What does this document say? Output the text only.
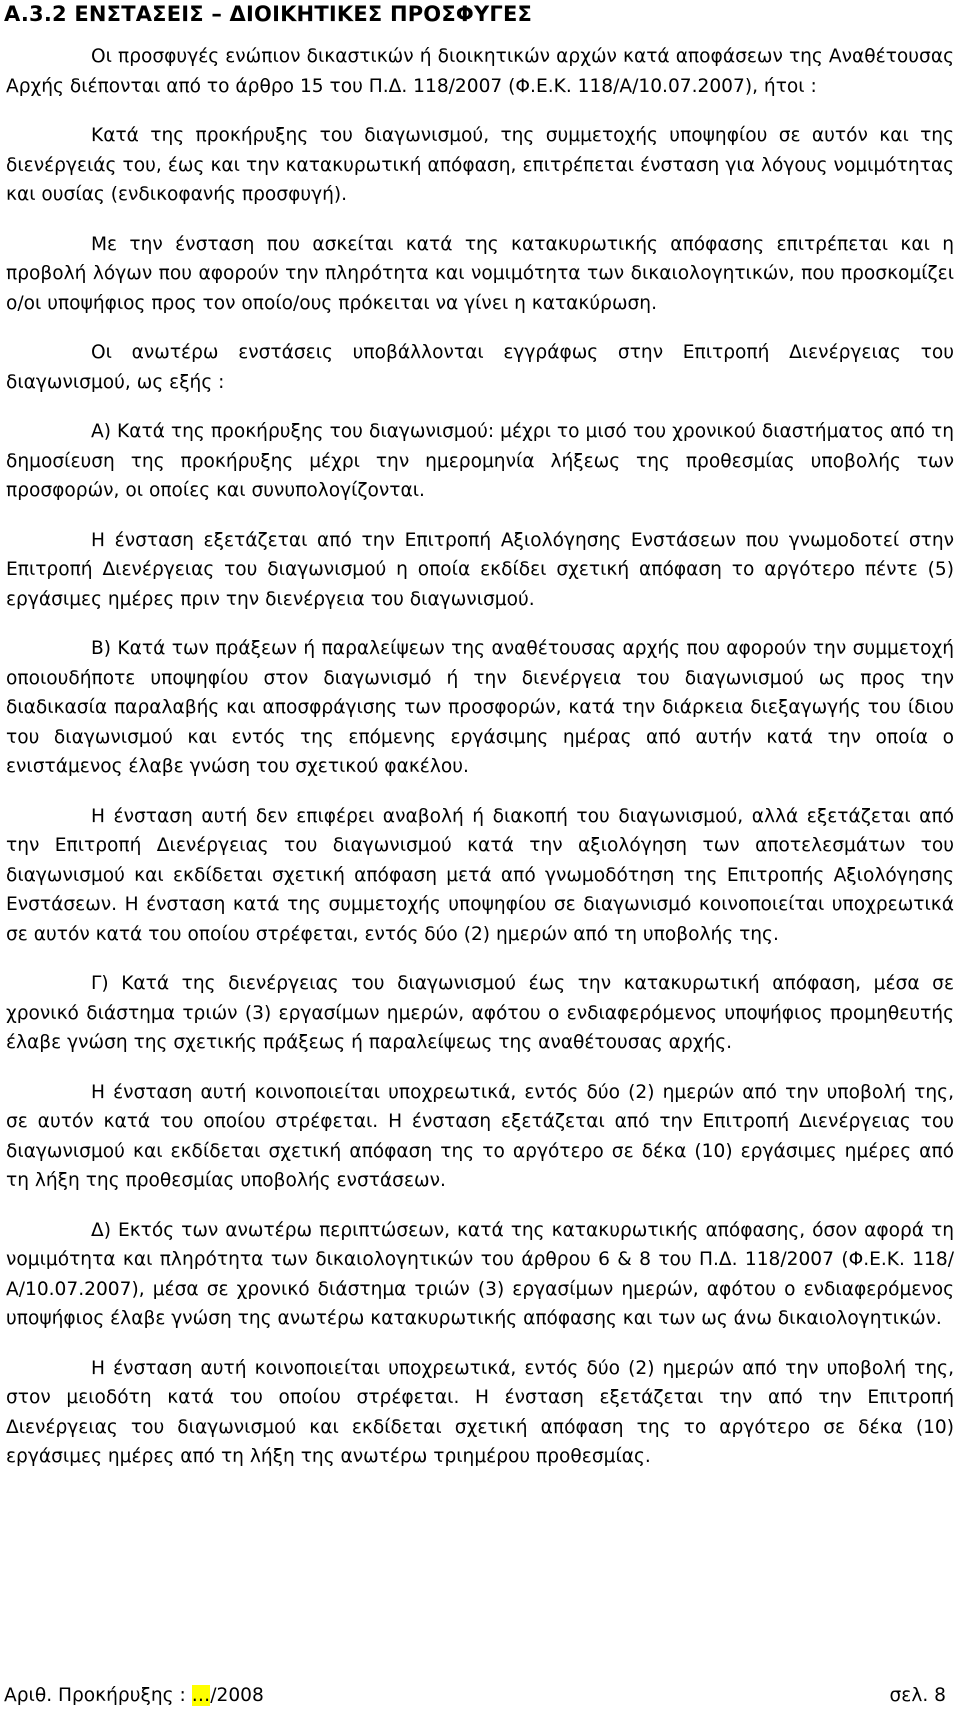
A.3.2 ΕΝΣΤΑΣΕΙΣ – ΔΙΟΙΚΗΤΙΚΕΣ ΠΡΟΣΦΥΓΕΣ

Οι προσφυγές ενώπιον δικαστικών ή διοικητικών αρχών κατά αποφάσεων της Αναθέτουσας Αρχής διέπονται από το άρθρο 15 του Π.Δ. 118/2007 (Φ.Ε.Κ. 118/Α/10.07.2007), ήτοι :

Κατά της προκήρυξης του διαγωνισμού, της συμμετοχής υποψηφίου σε αυτόν και της διενέργειάς του, έως και την κατακυρωτική απόφαση, επιτρέπεται ένσταση για λόγους νομιμότητας και ουσίας (ενδικοφανής προσφυγή).

Με την ένσταση που ασκείται κατά της κατακυρωτικής απόφασης επιτρέπεται και η προβολή λόγων που αφορούν την πληρότητα και νομιμότητα των δικαιολογητικών, που προσκομίζει ο/οι υποψήφιος προς τον οποίο/ους πρόκειται να γίνει η κατακύρωση.

Οι ανωτέρω ενστάσεις υποβάλλονται εγγράφως στην Επιτροπή Διενέργειας του διαγωνισμού, ως εξής :

Α) Κατά της προκήρυξης του διαγωνισμού: μέχρι το μισό του χρονικού διαστήματος από τη δημοσίευση της προκήρυξης μέχρι την ημερομηνία λήξεως της προθεσμίας υποβολής των προσφορών, οι οποίες και συνυπολογίζονται.

Η ένσταση εξετάζεται από την Επιτροπή Αξιολόγησης Ενστάσεων που γνωμοδοτεί στην Επιτροπή Διενέργειας του διαγωνισμού η οποία εκδίδει σχετική απόφαση το αργότερο πέντε (5) εργάσιμες ημέρες πριν την διενέργεια του διαγωνισμού.

Β) Κατά των πράξεων ή παραλείψεων της αναθέτουσας αρχής που αφορούν την συμμετοχή οποιουδήποτε υποψηφίου στον διαγωνισμό ή την διενέργεια του διαγωνισμού ως προς την διαδικασία παραλαβής και αποσφράγισης των προσφορών, κατά την διάρκεια διεξαγωγής του ίδιου του διαγωνισμού και εντός της επόμενης εργάσιμης ημέρας από αυτήν κατά την οποία ο ενιστάμενος έλαβε γνώση του σχετικού φακέλου.

Η ένσταση αυτή δεν επιφέρει αναβολή ή διακοπή του διαγωνισμού, αλλά εξετάζεται από την Επιτροπή Διενέργειας του διαγωνισμού κατά την αξιολόγηση των αποτελεσμάτων του διαγωνισμού και εκδίδεται σχετική απόφαση μετά από γνωμοδότηση της Επιτροπής Αξιολόγησης Ενστάσεων. Η ένσταση κατά της συμμετοχής υποψηφίου σε διαγωνισμό κοινοποιείται υποχρεωτικά σε αυτόν κατά του οποίου στρέφεται, εντός δύο (2) ημερών από τη υποβολής της.

Γ) Κατά της διενέργειας του διαγωνισμού έως την κατακυρωτική απόφαση, μέσα σε χρονικό διάστημα τριών (3) εργασίμων ημερών, αφότου ο ενδιαφερόμενος υποψήφιος προμηθευτής έλαβε γνώση της σχετικής πράξεως ή παραλείψεως της αναθέτουσας αρχής.

Η ένσταση αυτή κοινοποιείται υποχρεωτικά, εντός δύο (2) ημερών από την υποβολή της, σε αυτόν κατά του οποίου στρέφεται. Η ένσταση εξετάζεται από την Επιτροπή Διενέργειας του διαγωνισμού και εκδίδεται σχετική απόφαση της το αργότερο σε δέκα (10) εργάσιμες ημέρες από τη λήξη της προθεσμίας υποβολής ενστάσεων.

Δ) Εκτός των ανωτέρω περιπτώσεων, κατά της κατακυρωτικής απόφασης, όσον αφορά τη νομιμότητα και πληρότητα των δικαιολογητικών του άρθρου 6 & 8 του Π.Δ. 118/2007 (Φ.Ε.Κ. 118/Α/10.07.2007), μέσα σε χρονικό διάστημα τριών (3) εργασίμων ημερών, αφότου ο ενδιαφερόμενος υποψήφιος έλαβε γνώση της ανωτέρω κατακυρωτικής απόφασης και των ως άνω δικαιολογητικών.

Η ένσταση αυτή κοινοποιείται υποχρεωτικά, εντός δύο (2) ημερών από την υποβολή της, στον μειοδότη κατά του οποίου στρέφεται. Η ένσταση εξετάζεται την από την Επιτροπή Διενέργειας του διαγωνισμού και εκδίδεται σχετική απόφαση της το αργότερο σε δέκα (10) εργάσιμες ημέρες από τη λήξη της ανωτέρω τριημέρου προθεσμίας.

Αριθ. Προκήρυξης : …/2008	σελ. 8
